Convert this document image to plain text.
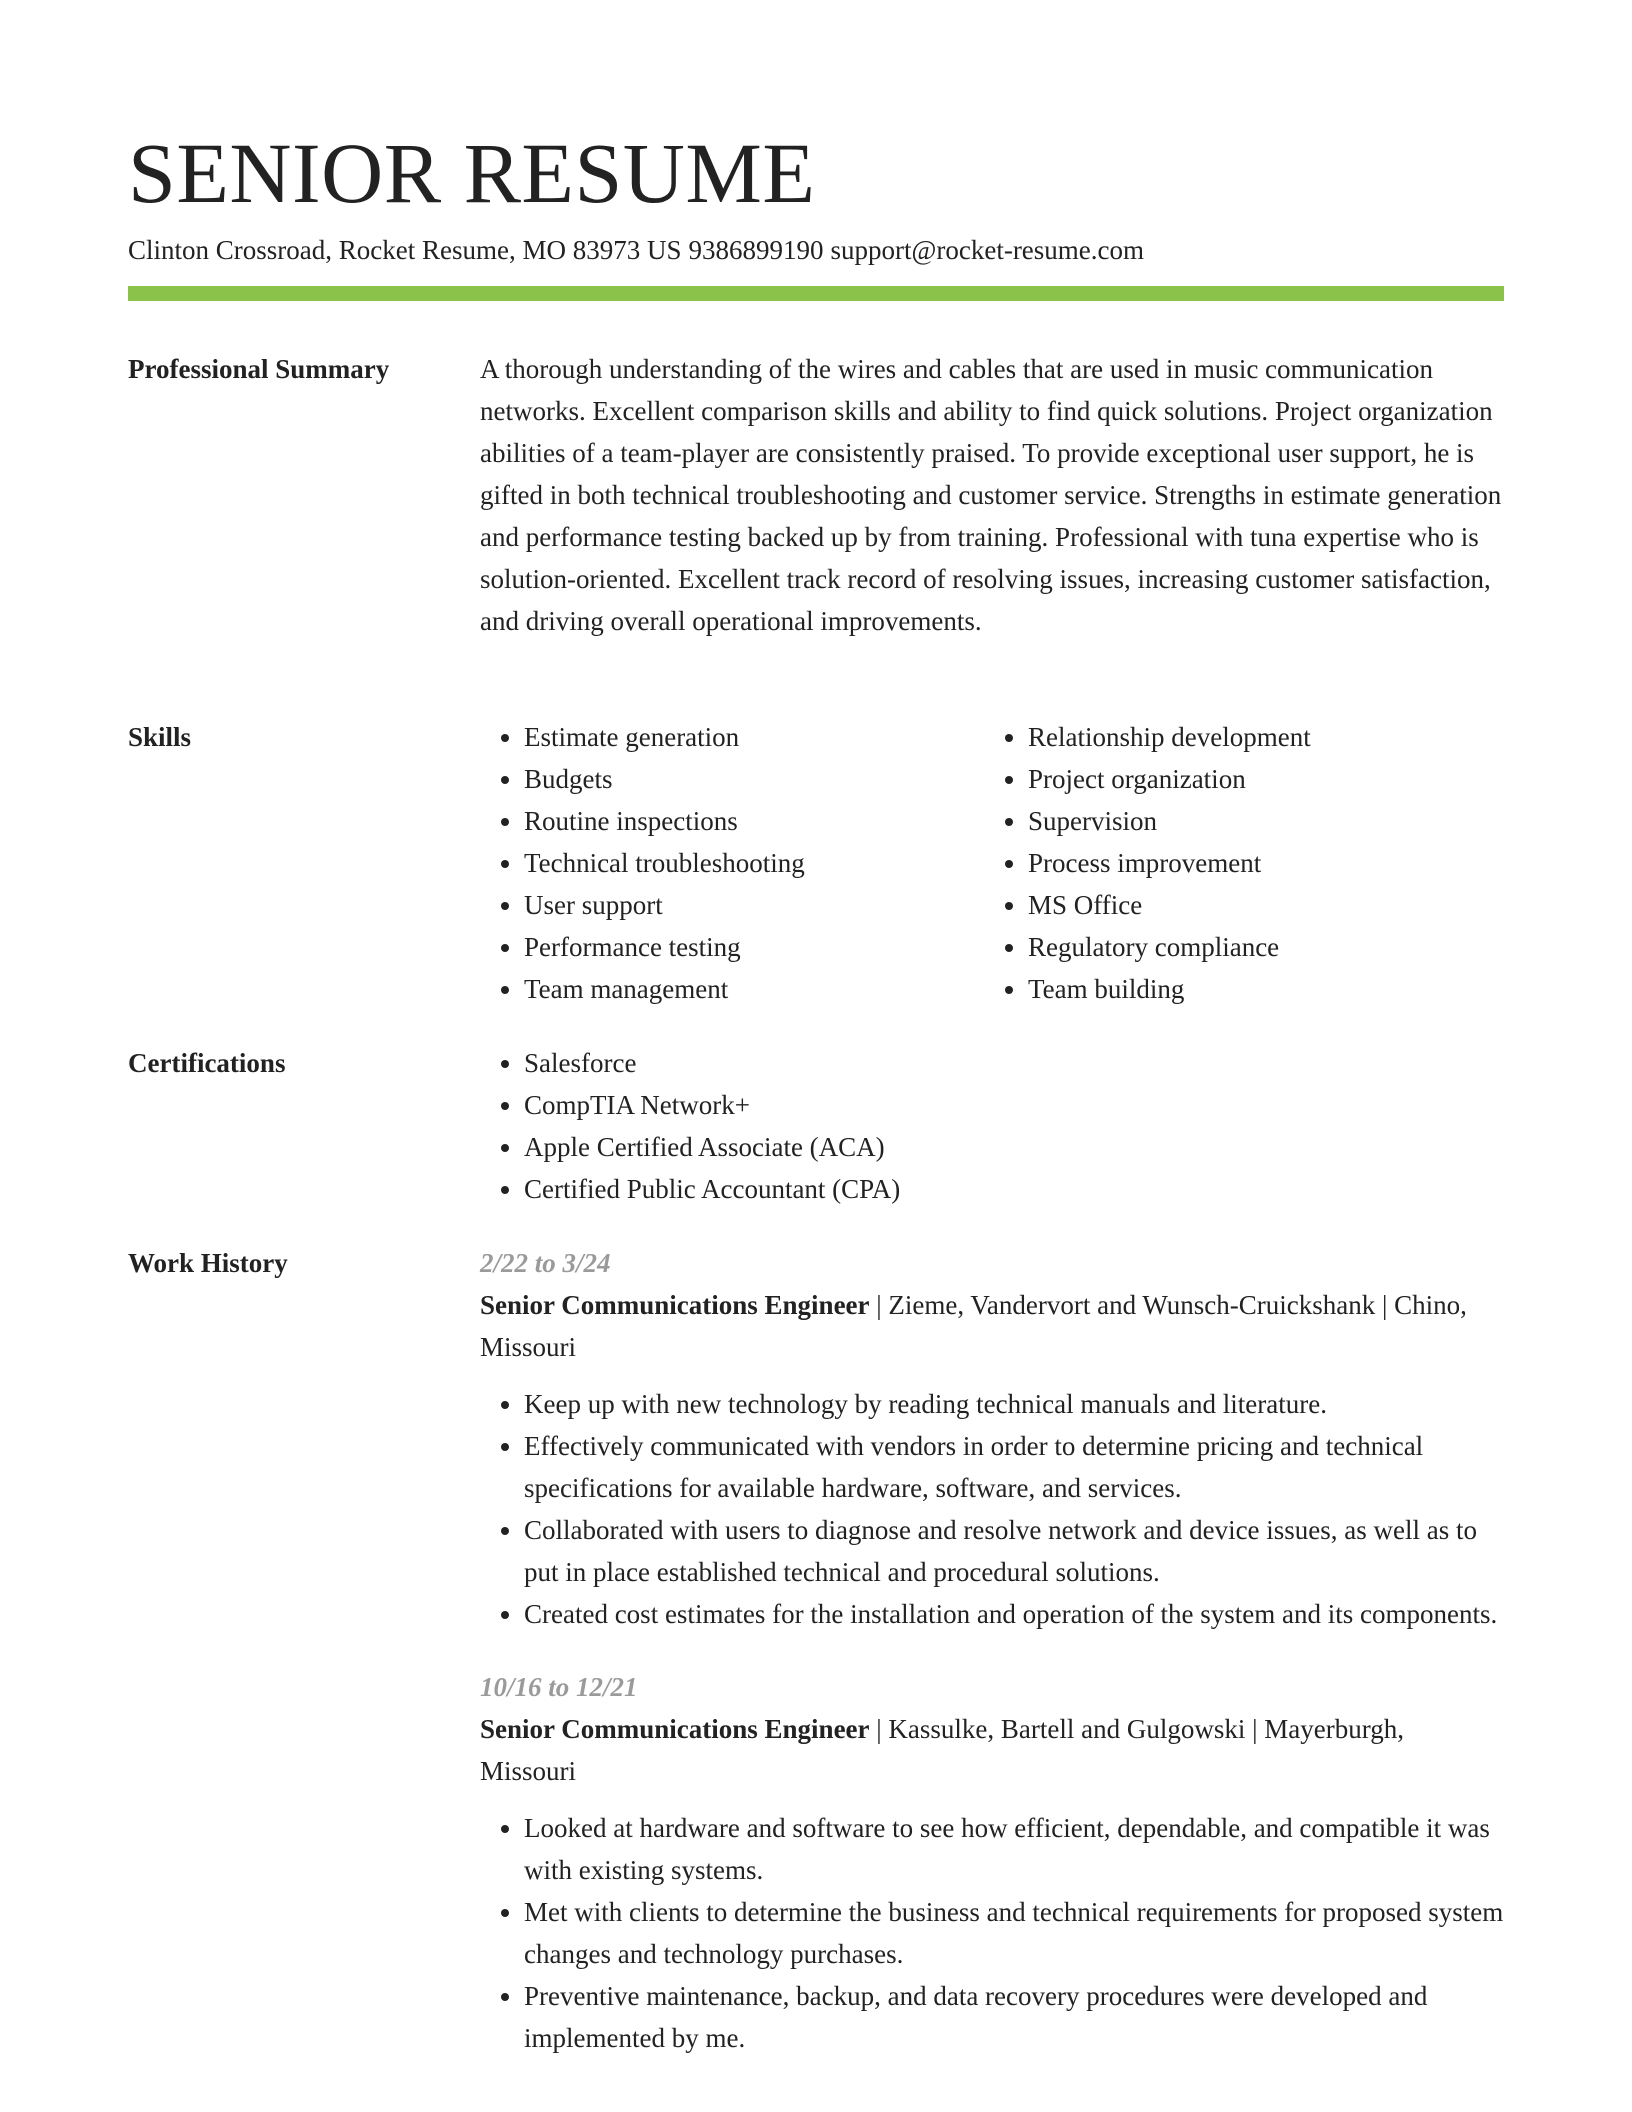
SENIOR RESUME
Clinton Crossroad, Rocket Resume, MO 83973 US 9386899190 support@rocket-resume.com
Professional Summary	A thorough understanding of the wires and cables that are used in music communication networks. Excellent comparison skills and ability to find quick solutions. Project organization abilities of a team-player are consistently praised. To provide exceptional user support, he is gifted in both technical troubleshooting and customer service. Strengths in estimate generation and performance testing backed up by from training. Professional with tuna expertise who is solution-oriented. Excellent track record of resolving issues, increasing customer satisfaction, and driving overall operational improvements.

Skills	• Estimate generation
• Budgets
• Routine inspections
• Technical troubleshooting
• User support
• Performance testing
• Team management
• Relationship development
• Project organization
• Supervision
• Process improvement
• MS Office
• Regulatory compliance
• Team building
Certifications	• Salesforce
• CompTIA Network+
• Apple Certified Associate (ACA)
• Certified Public Accountant (CPA)
Work History	2/22 to 3/24
Senior Communications Engineer | Zieme, Vandervort and Wunsch-Cruickshank | Chino, Missouri
• Keep up with new technology by reading technical manuals and literature.
• Effectively communicated with vendors in order to determine pricing and technical specifications for available hardware, software, and services.
• Collaborated with users to diagnose and resolve network and device issues, as well as to put in place established technical and procedural solutions.
• Created cost estimates for the installation and operation of the system and its components.
10/16 to 12/21
Senior Communications Engineer | Kassulke, Bartell and Gulgowski | Mayerburgh, Missouri
• Looked at hardware and software to see how efficient, dependable, and compatible it was with existing systems.
• Met with clients to determine the business and technical requirements for proposed system changes and technology purchases.
• Preventive maintenance, backup, and data recovery procedures were developed and implemented by me.
